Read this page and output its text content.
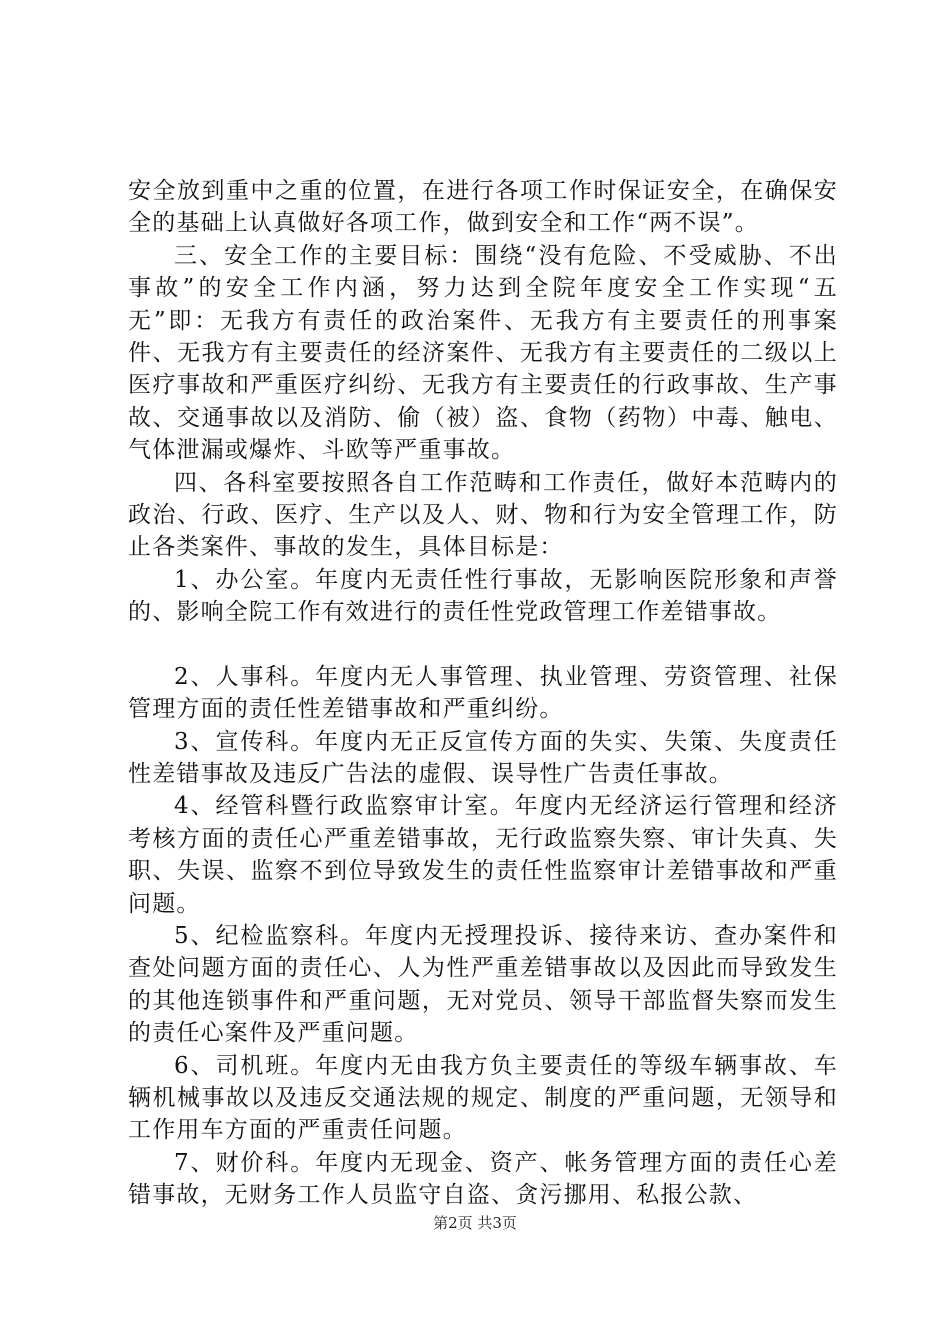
安全放到重中之重的位置，在进行各项工作时保证安全，在确保安全的基础上认真做好各项工作，做到安全和工作“两不误”。

三、安全工作的主要目标：围绕“没有危险、不受威胁、不出事故”的安全工作内涵，努力达到全院年度安全工作实现“五无”即：无我方有责任的政治案件、无我方有主要责任的刑事案件、无我方有主要责任的经济案件、无我方有主要责任的二级以上医疗事故和严重医疗纠纷、无我方有主要责任的行政事故、生产事故、交通事故以及消防、偷（被）盗、食物（药物）中毒、触电、气体泄漏或爆炸、斗欧等严重事故。

四、各科室要按照各自工作范畴和工作责任，做好本范畴内的政治、行政、医疗、生产以及人、财、物和行为安全管理工作，防止各类案件、事故的发生，具体目标是：

1、办公室。年度内无责任性行事故，无影响医院形象和声誉的、影响全院工作有效进行的责任性党政管理工作差错事故。

2、人事科。年度内无人事管理、执业管理、劳资管理、社保管理方面的责任性差错事故和严重纠纷。

3、宣传科。年度内无正反宣传方面的失实、失策、失度责任性差错事故及违反广告法的虚假、误导性广告责任事故。

4、经管科暨行政监察审计室。年度内无经济运行管理和经济考核方面的责任心严重差错事故，无行政监察失察、审计失真、失职、失误、监察不到位导致发生的责任性监察审计差错事故和严重问题。

5、纪检监察科。年度内无授理投诉、接待来访、查办案件和查处问题方面的责任心、人为性严重差错事故以及因此而导致发生的其他连锁事件和严重问题，无对党员、领导干部监督失察而发生的责任心案件及严重问题。

6、司机班。年度内无由我方负主要责任的等级车辆事故、车辆机械事故以及违反交通法规的规定、制度的严重问题，无领导和工作用车方面的严重责任问题。

7、财价科。年度内无现金、资产、帐务管理方面的责任心差错事故，无财务工作人员监守自盗、贪污挪用、私报公款、

第2页 共3页
